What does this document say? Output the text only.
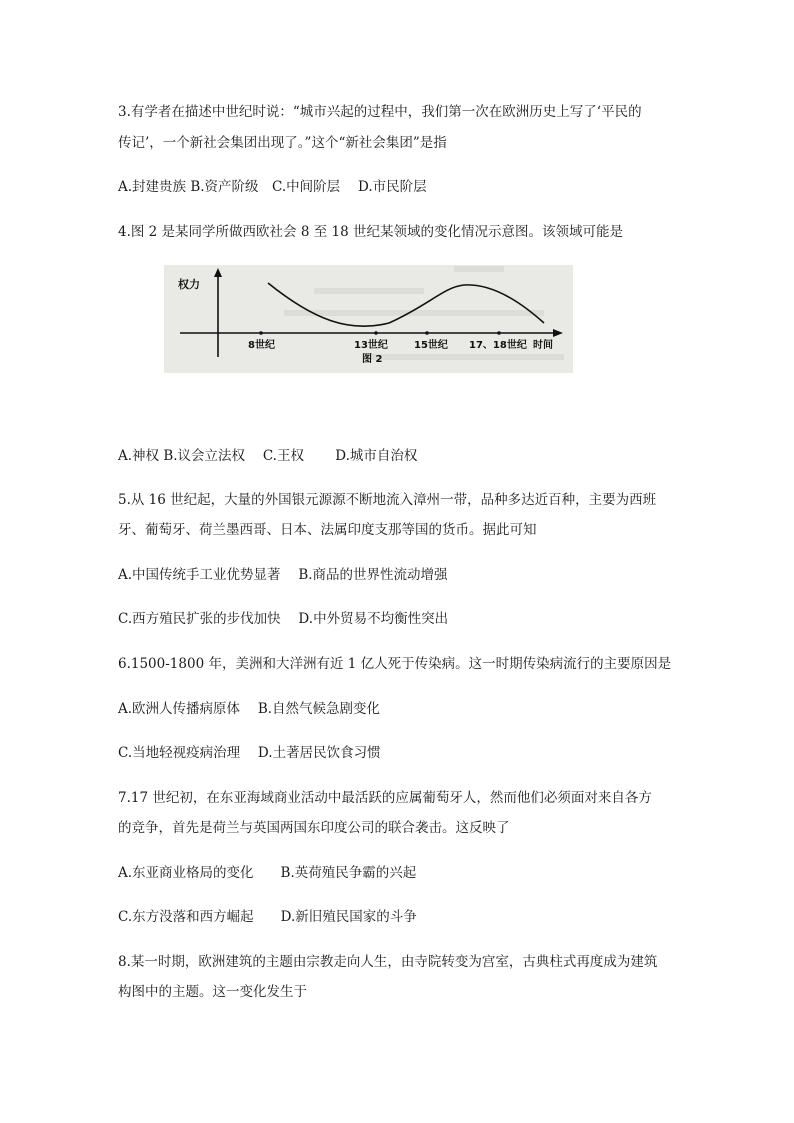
3.有学者在描述中世纪时说：“城市兴起的过程中，我们第一次在欧洲历史上写了‘平民的
传记’，一个新社会集团出现了。”这个“新社会集团”是指
A.封建贵族 B.资产阶级　C.中间阶层　 D.市民阶层
4.图 2 是某同学所做西欧社会 8 至 18 世纪某领域的变化情况示意图。该领域可能是
权力
8世纪	13世纪	15世纪 17、18世纪 时间
图 2
A.神权 B.议会立法权　 C.王权　　 D.城市自治权
5.从 16 世纪起，大量的外国银元源源不断地流入漳州一带，品种多达近百种，主要为西班
牙、葡萄牙、荷兰墨西哥、日本、法属印度支那等国的货币。据此可知
A.中国传统手工业优势显著　 B.商品的世界性流动增强
C.西方殖民扩张的步伐加快　 D.中外贸易不均衡性突出
6.1500-1800 年，美洲和大洋洲有近 1 亿人死于传染病。这一时期传染病流行的主要原因是
A.欧洲人传播病原体　 B.自然气候急剧变化
C.当地轻视疫病治理　 D.土著居民饮食习惯
7.17 世纪初，在东亚海域商业活动中最活跃的应属葡萄牙人，然而他们必须面对来自各方
的竞争，首先是荷兰与英国两国东印度公司的联合袭击。这反映了
A.东亚商业格局的变化　　B.英荷殖民争霸的兴起
C.东方没落和西方崛起　　D.新旧殖民国家的斗争
8.某一时期，欧洲建筑的主题由宗教走向人生，由寺院转变为宫室，古典柱式再度成为建筑
构图中的主题。这一变化发生于
